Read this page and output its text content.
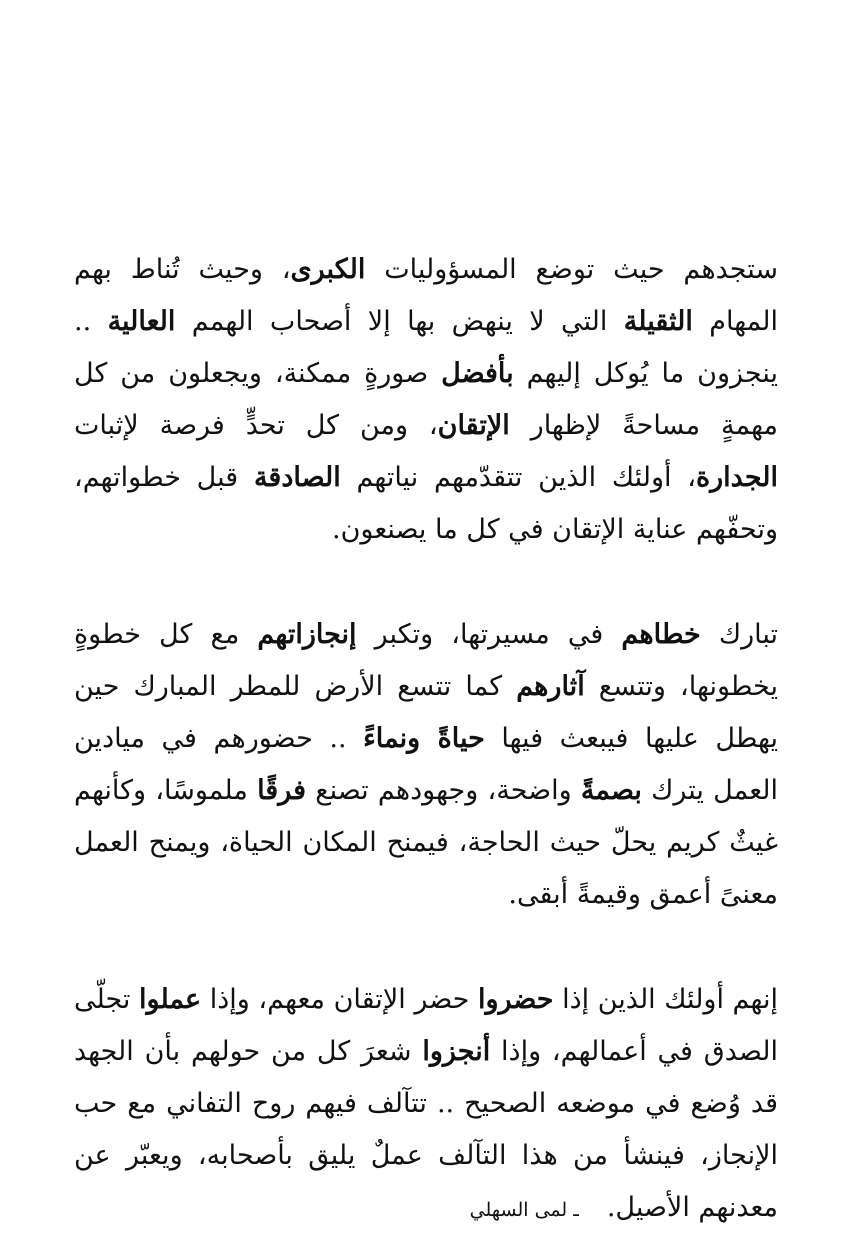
ستجدهم حيث توضع المسؤوليات الكبرى، وحيث تُناط بهم المهام الثقيلة التي لا ينهض بها إلا أصحاب الهمم العالية .. ينجزون ما يُوكل إليهم بأفضل صورةٍ ممكنة، ويجعلون من كل مهمةٍ مساحةً لإظهار الإتقان، ومن كل تحدٍّ فرصة لإثبات الجدارة، أولئك الذين تتقدّمهم نياتهم الصادقة قبل خطواتهم، وتحفّهم عناية الإتقان في كل ما يصنعون.

تبارك خطاهم في مسيرتها، وتكبر إنجازاتهم مع كل خطوةٍ يخطونها، وتتسع آثارهم كما تتسع الأرض للمطر المبارك حين يهطل عليها فيبعث فيها حياةً ونماءً .. حضورهم في ميادين العمل يترك بصمةً واضحة، وجهودهم تصنع فرقًا ملموسًا، وكأنهم غيثٌ كريم يحلّ حيث الحاجة، فيمنح المكان الحياة، ويمنح العمل معنىً أعمق وقيمةً أبقى.

إنهم أولئك الذين إذا حضروا حضر الإتقان معهم، وإذا عملوا تجلّى الصدق في أعمالهم، وإذا أنجزوا شعرَ كل من حولهم بأن الجهد قد وُضع في موضعه الصحيح .. تتآلف فيهم روح التفاني مع حب الإنجاز، فينشأ من هذا التآلف عملٌ يليق بأصحابه، ويعبّر عن معدنهم الأصيل.ـ لمى السهلي
